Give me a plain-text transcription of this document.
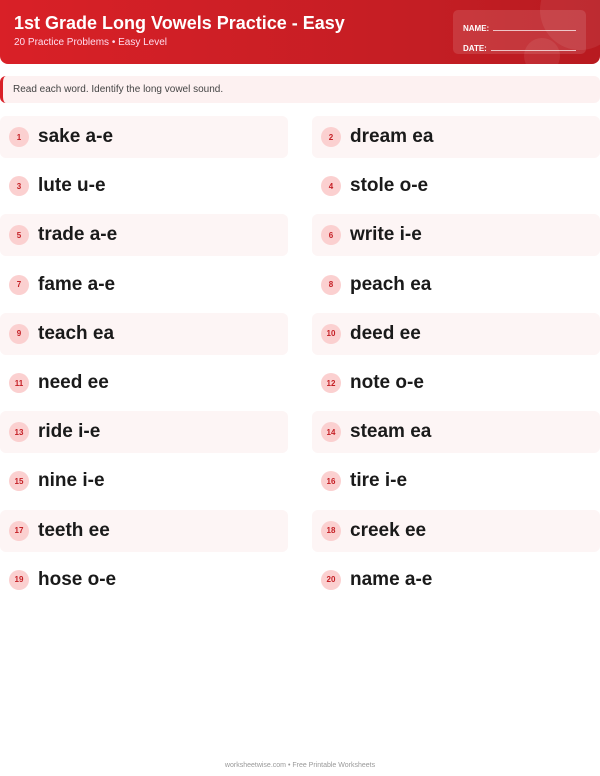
1st Grade Long Vowels Practice - Easy
20 Practice Problems • Easy Level
NAME:
DATE:
Read each word. Identify the long vowel sound.
1 sake a-e	2 dream ea
3 lute u-e	4 stole o-e
5 trade a-e	6 write i-e
7 fame a-e	8 peach ea
9 teach ea	10 deed ee
11 need ee	12 note o-e
13 ride i-e	14 steam ea
15 nine i-e	16 tire i-e
17 teeth ee	18 creek ee
19 hose o-e	20 name a-e
worksheetwise.com • Free Printable Worksheets
